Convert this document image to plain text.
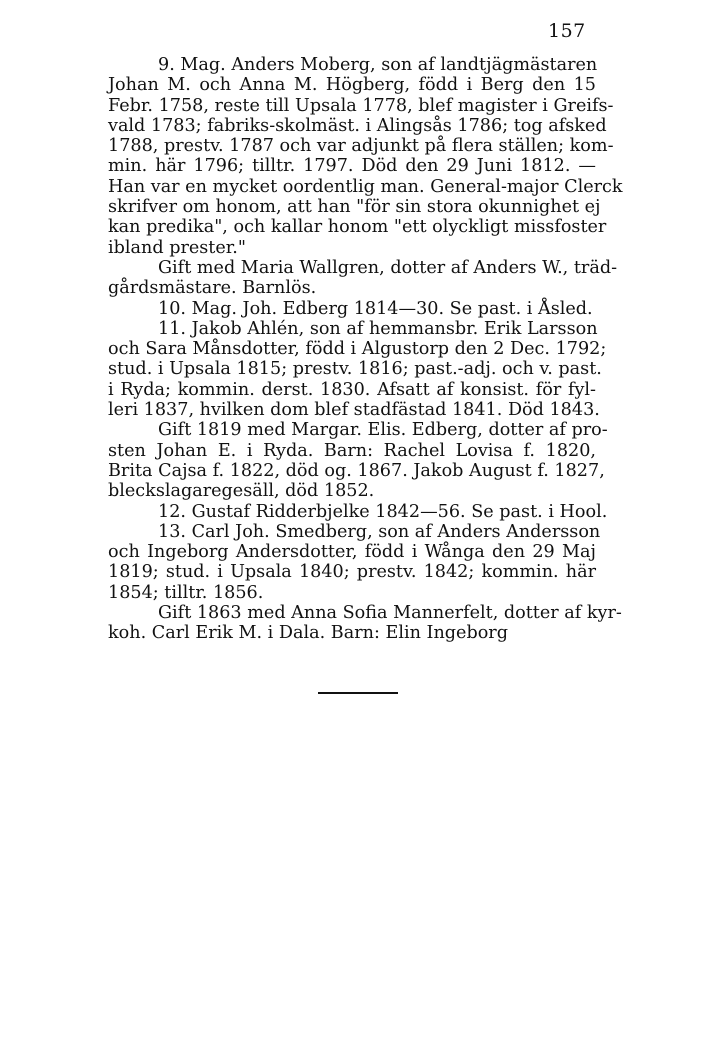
157
9. Mag. Anders Moberg, son af landtjägmästaren
Johan M. och Anna M. Högberg, född i Berg den 15
Febr. 1758, reste till Upsala 1778, blef magister i Greifs-
vald 1783; fabriks-skolmäst. i Alingsås 1786; tog afsked
1788, prestv. 1787 och var adjunkt på flera ställen; kom-
min. här 1796; tilltr. 1797. Död den 29 Juni 1812. —
Han var en mycket oordentlig man. General-major Clerck
skrifver om honom, att han "för sin stora okunnighet ej
kan predika", och kallar honom "ett olyckligt missfoster
ibland prester."
Gift med Maria Wallgren, dotter af Anders W., träd-
gårdsmästare. Barnlös.
10. Mag. Joh. Edberg 1814—30. Se past. i Åsled.
11. Jakob Ahlén, son af hemmansbr. Erik Larsson
och Sara Månsdotter, född i Algustorp den 2 Dec. 1792;
stud. i Upsala 1815; prestv. 1816; past.-adj. och v. past.
i Ryda; kommin. derst. 1830. Afsatt af konsist. för fyl-
leri 1837, hvilken dom blef stadfästad 1841. Död 1843.
Gift 1819 med Margar. Elis. Edberg, dotter af pro-
sten Johan E. i Ryda. Barn: Rachel Lovisa f. 1820,
Brita Cajsa f. 1822, död og. 1867. Jakob August f. 1827,
bleckslagaregesäll, död 1852.
12. Gustaf Ridderbjelke 1842—56. Se past. i Hool.
13. Carl Joh. Smedberg, son af Anders Andersson
och Ingeborg Andersdotter, född i Wånga den 29 Maj
1819; stud. i Upsala 1840; prestv. 1842; kommin. här
1854; tilltr. 1856.
Gift 1863 med Anna Sofia Mannerfelt, dotter af kyr-
koh. Carl Erik M. i Dala. Barn: Elin Ingeborg
